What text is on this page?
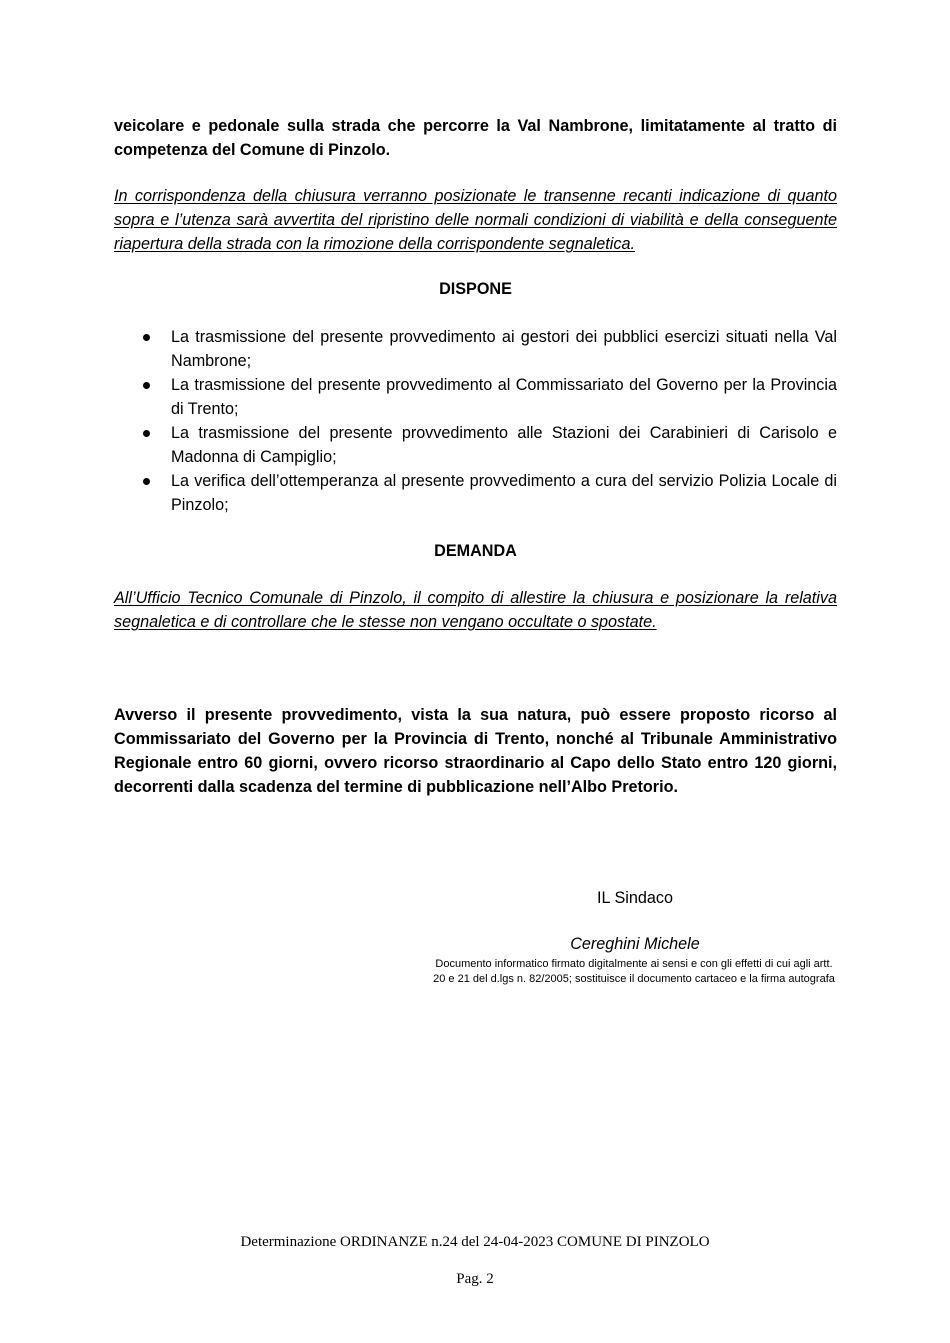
veicolare e pedonale sulla strada che percorre la Val Nambrone, limitatamente al tratto di competenza del Comune di Pinzolo.

In corrispondenza della chiusura verranno posizionate le transenne recanti indicazione di quanto sopra e l’utenza sarà avvertita del ripristino delle normali condizioni di viabilità e della conseguente riapertura della strada con la rimozione della corrispondente segnaletica.

DISPONE
La trasmissione del presente provvedimento ai gestori dei pubblici esercizi situati nella Val Nambrone;
La trasmissione del presente provvedimento al Commissariato del Governo per la Provincia di Trento;
La trasmissione del presente provvedimento alle Stazioni dei Carabinieri di Carisolo e Madonna di Campiglio;
La verifica dell’ottemperanza al presente provvedimento a cura del servizio Polizia Locale di Pinzolo;
DEMANDA

All’Ufficio Tecnico Comunale di Pinzolo, il compito di allestire la chiusura e posizionare la relativa segnaletica e di controllare che le stesse non vengano occultate o spostate.

Avverso il presente provvedimento, vista la sua natura, può essere proposto ricorso al Commissariato del Governo per la Provincia di Trento, nonché al Tribunale Amministrativo Regionale entro 60 giorni, ovvero ricorso straordinario al Capo dello Stato entro 120 giorni, decorrenti dalla scadenza del termine di pubblicazione nell’Albo Pretorio.

IL Sindaco
Cereghini Michele
Documento informatico firmato digitalmente ai sensi e con gli effetti di cui agli artt. 20 e 21 del d.lgs n. 82/2005; sostituisce il documento cartaceo e la firma autografa
Determinazione ORDINANZE n.24 del 24-04-2023 COMUNE DI PINZOLO
Pag. 2
